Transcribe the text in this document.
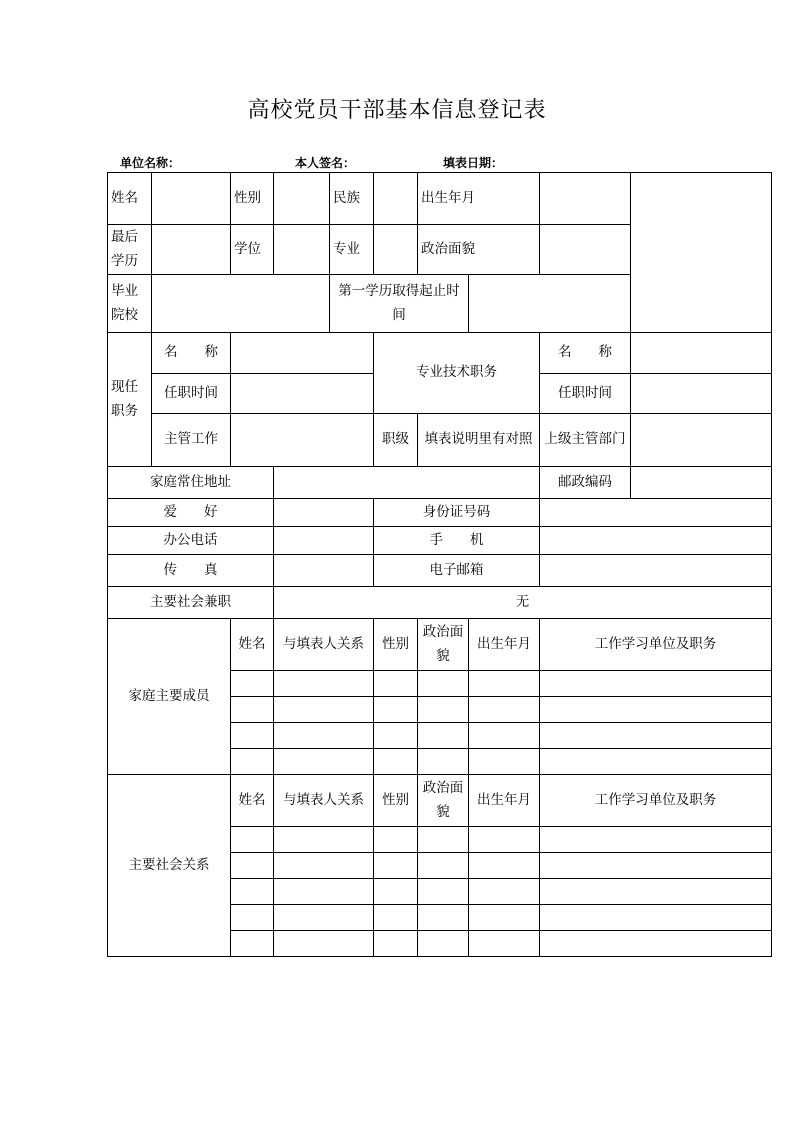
高校党员干部基本信息登记表
单位名称：	本人签名：	填表日期：
姓名		性别		民族		出生年月			
最后学历		学位		专业		政治面貌			
毕业院校				第一学历取得起止时间					
现任职务	名　　称				专业技术职务			名　　称	
	任职时间							任职时间	
	主管工作				职级	填表说明里有对照		上级主管部门	
家庭常住地址								邮政编码	
爱　　好					身份证号码				
办公电话					手　　机				
传　　真					电子邮箱				
主要社会兼职			无						
家庭主要成员		姓名	与填表人关系		性别	政治面貌	出生年月	工作学习单位及职务	

主要社会关系		姓名	与填表人关系		性别	政治面貌	出生年月	工作学习单位及职务	
